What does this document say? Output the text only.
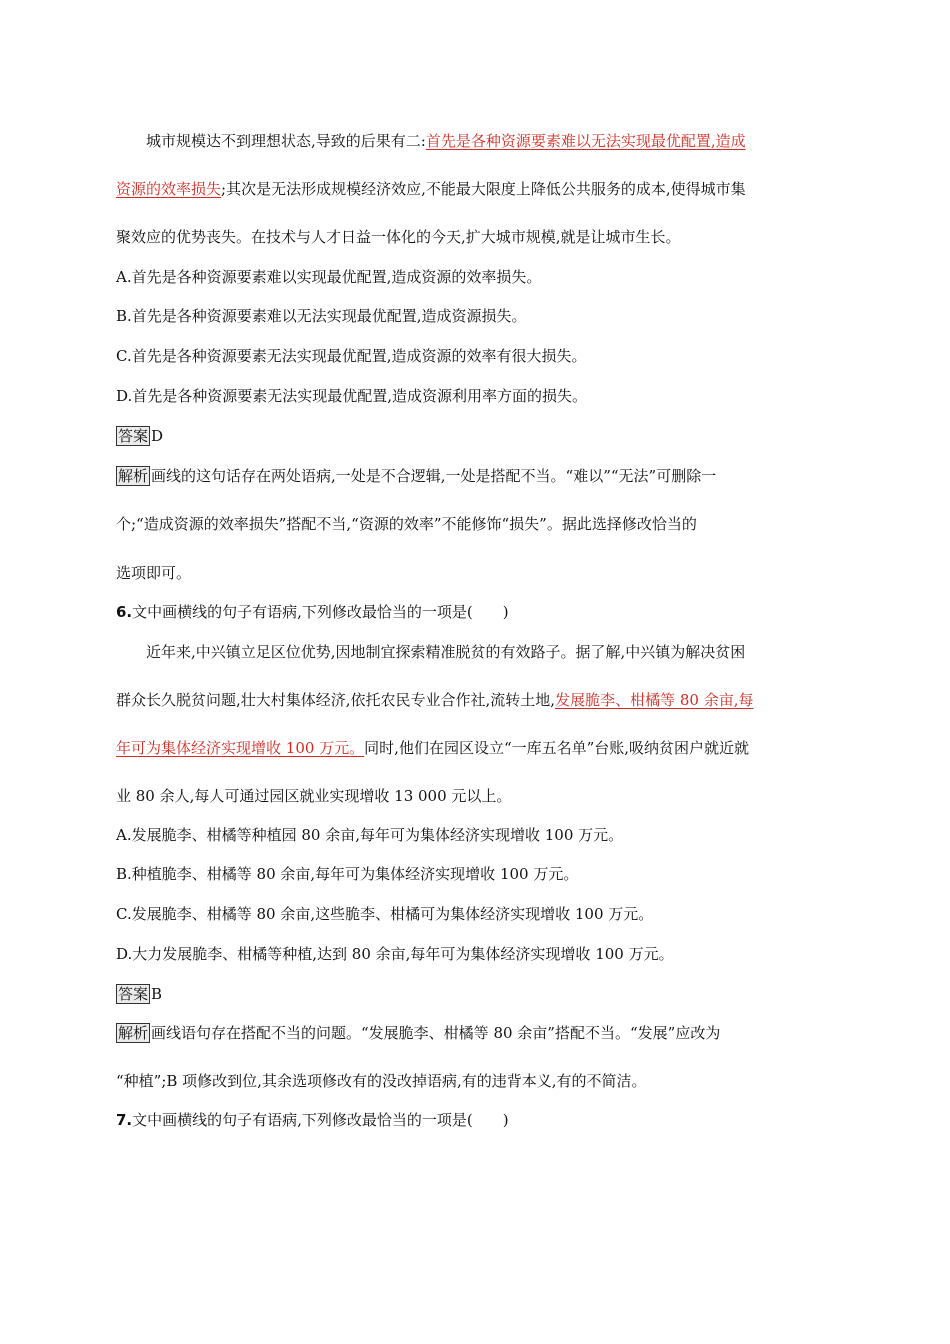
城市规模达不到理想状态,导致的后果有二:首先是各种资源要素难以无法实现最优配置,造成
资源的效率损失;其次是无法形成规模经济效应,不能最大限度上降低公共服务的成本,使得城市集
聚效应的优势丧失。在技术与人才日益一体化的今天,扩大城市规模,就是让城市生长。
A.首先是各种资源要素难以实现最优配置,造成资源的效率损失。
B.首先是各种资源要素难以无法实现最优配置,造成资源损失。
C.首先是各种资源要素无法实现最优配置,造成资源的效率有很大损失。
D.首先是各种资源要素无法实现最优配置,造成资源利用率方面的损失。
答案 D
解析 画线的这句话存在两处语病,一处是不合逻辑,一处是搭配不当。“难以”“无法”可删除一
个;“造成资源的效率损失”搭配不当,“资源的效率”不能修饰“损失”。据此选择修改恰当的
选项即可。
6.文中画横线的句子有语病,下列修改最恰当的一项是(　　)
近年来,中兴镇立足区位优势,因地制宜探索精准脱贫的有效路子。据了解,中兴镇为解决贫困
群众长久脱贫问题,壮大村集体经济,依托农民专业合作社,流转土地,发展脆李、柑橘等 80 余亩,每
年可为集体经济实现增收 100 万元。同时,他们在园区设立“一库五名单”台账,吸纳贫困户就近就
业 80 余人,每人可通过园区就业实现增收 13 000 元以上。
A.发展脆李、柑橘等种植园 80 余亩,每年可为集体经济实现增收 100 万元。
B.种植脆李、柑橘等 80 余亩,每年可为集体经济实现增收 100 万元。
C.发展脆李、柑橘等 80 余亩,这些脆李、柑橘可为集体经济实现增收 100 万元。
D.大力发展脆李、柑橘等种植,达到 80 余亩,每年可为集体经济实现增收 100 万元。
答案 B
解析 画线语句存在搭配不当的问题。“发展脆李、柑橘等 80 余亩”搭配不当。“发展”应改为
“种植”;B 项修改到位,其余选项修改有的没改掉语病,有的违背本义,有的不简洁。
7.文中画横线的句子有语病,下列修改最恰当的一项是(　　)
